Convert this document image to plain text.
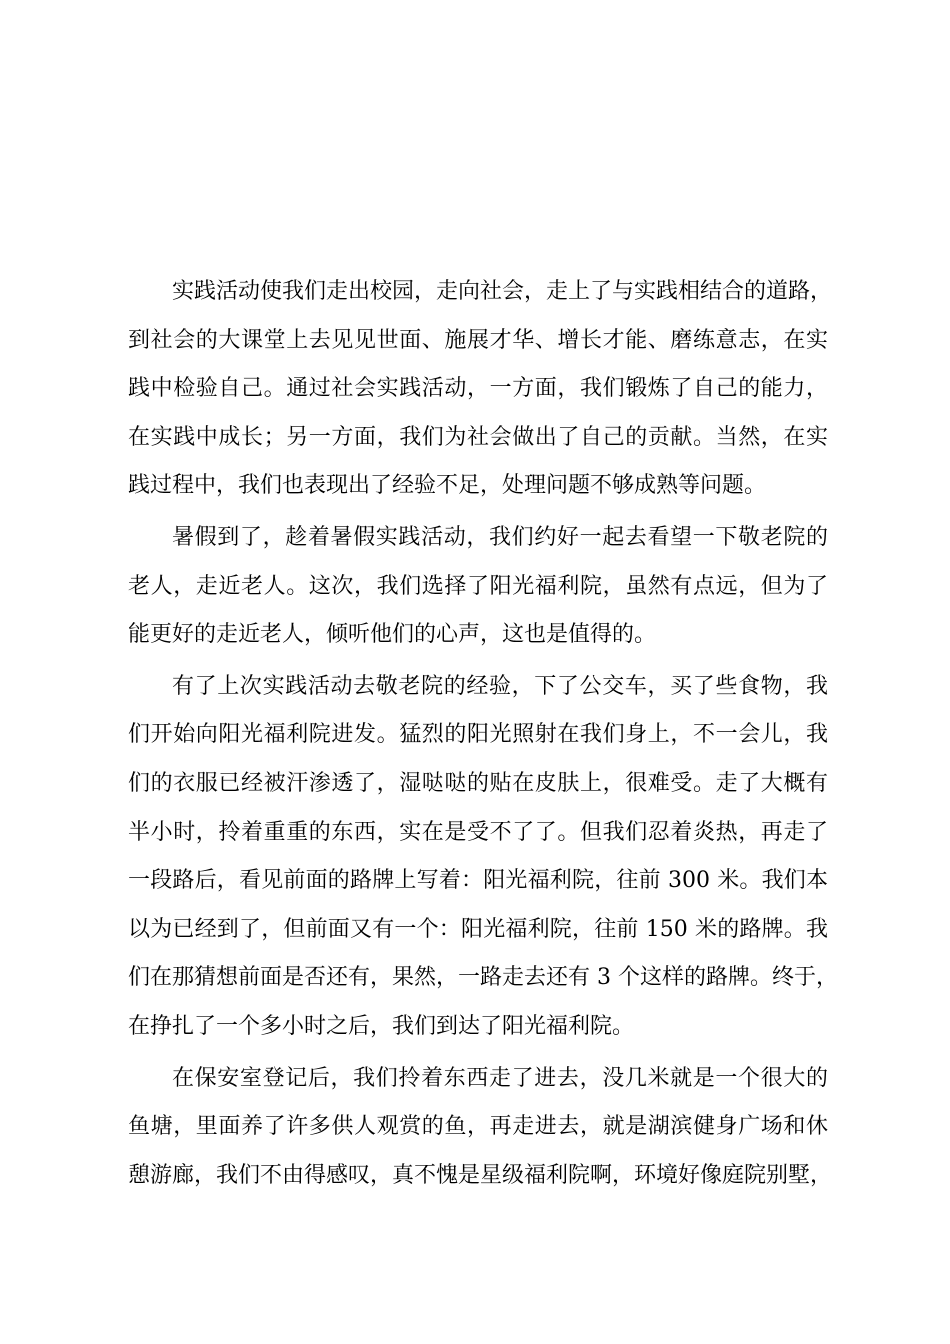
实践活动使我们走出校园，走向社会，走上了与实践相结合的道路，
到社会的大课堂上去见见世面、施展才华、增长才能、磨练意志，在实
践中检验自己。通过社会实践活动，一方面，我们锻炼了自己的能力，
在实践中成长；另一方面，我们为社会做出了自己的贡献。当然，在实
践过程中，我们也表现出了经验不足，处理问题不够成熟等问题。
暑假到了，趁着暑假实践活动，我们约好一起去看望一下敬老院的
老人，走近老人。这次，我们选择了阳光福利院，虽然有点远，但为了
能更好的走近老人，倾听他们的心声，这也是值得的。
有了上次实践活动去敬老院的经验，下了公交车，买了些食物，我
们开始向阳光福利院进发。猛烈的阳光照射在我们身上，不一会儿，我
们的衣服已经被汗渗透了，湿哒哒的贴在皮肤上，很难受。走了大概有
半小时，拎着重重的东西，实在是受不了了。但我们忍着炎热，再走了
一段路后，看见前面的路牌上写着：阳光福利院，往前 300 米。我们本
以为已经到了，但前面又有一个：阳光福利院，往前 150 米的路牌。我
们在那猜想前面是否还有，果然，一路走去还有 3 个这样的路牌。终于，
在挣扎了一个多小时之后，我们到达了阳光福利院。
在保安室登记后，我们拎着东西走了进去，没几米就是一个很大的
鱼塘，里面养了许多供人观赏的鱼，再走进去，就是湖滨健身广场和休
憩游廊，我们不由得感叹，真不愧是星级福利院啊，环境好像庭院别墅，
